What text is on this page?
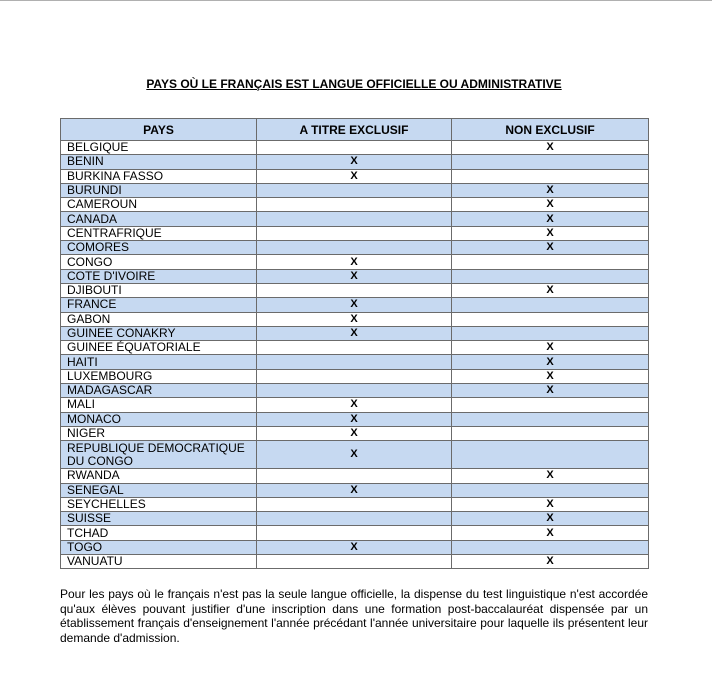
PAYS OÙ LE FRANÇAIS EST LANGUE OFFICIELLE OU ADMINISTRATIVE
PAYS	A TITRE EXCLUSIF	NON EXCLUSIF
BELGIQUE		X
BENIN	X	
BURKINA FASSO	X	
BURUNDI		X
CAMEROUN		X
CANADA		X
CENTRAFRIQUE		X
COMORES		X
CONGO	X	
COTE D'IVOIRE	X	
DJIBOUTI		X
FRANCE	X	
GABON	X	
GUINEE CONAKRY	X	
GUINEE ÉQUATORIALE		X
HAITI		X
LUXEMBOURG		X
MADAGASCAR		X
MALI	X	
MONACO	X	
NIGER	X	
REPUBLIQUE DEMOCRATIQUE DU CONGO	X	
RWANDA		X
SENEGAL	X	
SEYCHELLES		X
SUISSE		X
TCHAD		X
TOGO	X	
VANUATU		X
Pour les pays où le français n'est pas la seule langue officielle, la dispense du test linguistique n'est accordée qu'aux élèves pouvant justifier d'une inscription dans une formation post-baccalauréat dispensée par un établissement français d'enseignement l'année précédant l'année universitaire pour laquelle ils présentent leur demande d'admission.
